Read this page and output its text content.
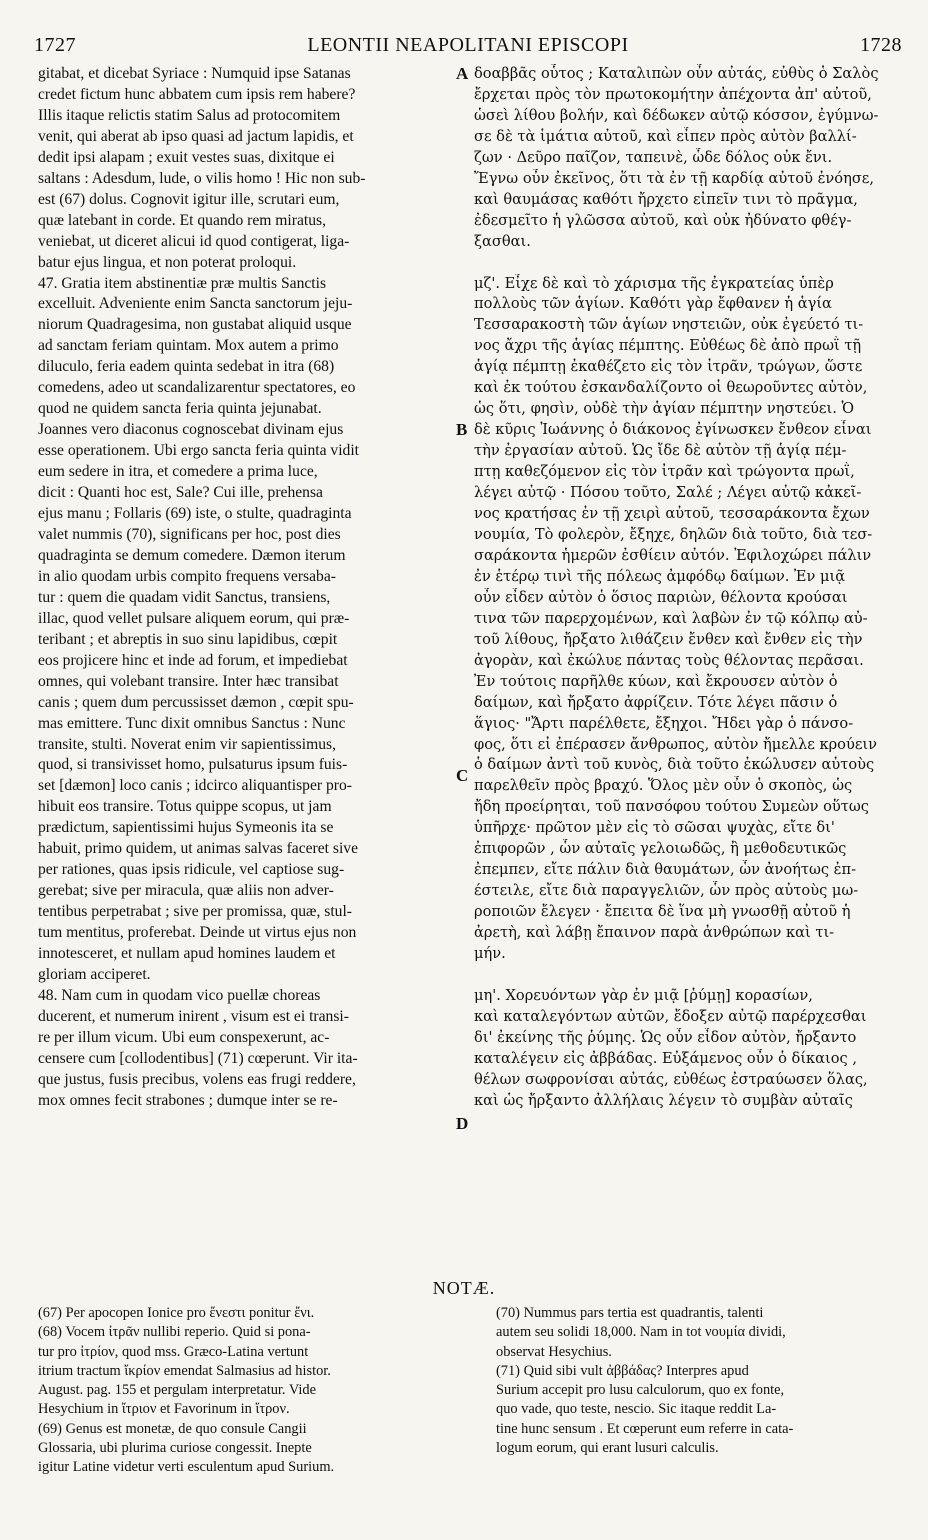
1727	LEONTII NEAPOLITANI EPISCOPI	1728
gitabat, et dicebat Syriace : Numquid ipse Satanas
credet fictum hunc abbatem cum ipsis rem habere?
Illis itaque relictis statim Salus ad protocomitem
venit, qui aberat ab ipso quasi ad jactum lapidis, et
dedit ipsi alapam ; exuit vestes suas, dixitque ei
saltans : Adesdum, lude, o vilis homo ! Hic non sub-
est (67) dolus. Cognovit igitur ille, scrutari eum,
quæ latebant in corde. Et quando rem miratus,
veniebat, ut diceret alicui id quod contigerat, liga-
batur ejus lingua, et non poterat proloqui.
47. Gratia item abstinentiæ præ multis Sanctis
excelluit. Adveniente enim Sancta sanctorum jeju-
niorum Quadragesima, non gustabat aliquid usque
ad sanctam feriam quintam. Mox autem a primo
diluculo, feria eadem quinta sedebat in itra (68)
comedens, adeo ut scandalizarentur spectatores, eo
quod ne quidem sancta feria quinta jejunabat.
Joannes vero diaconus cognoscebat divinam ejus
esse operationem. Ubi ergo sancta feria quinta vidit
eum sedere in itra, et comedere a prima luce,
dicit : Quanti hoc est, Sale? Cui ille, prehensa
ejus manu ; Follaris (69) iste, o stulte, quadraginta
valet nummis (70), significans per hoc, post dies
quadraginta se demum comedere. Dæmon iterum
in alio quodam urbis compito frequens versaba-
tur : quem die quadam vidit Sanctus, transiens,
illac, quod vellet pulsare aliquem eorum, qui præ-
teribant ; et abreptis in suo sinu lapidibus, cœpit
eos projicere hinc et inde ad forum, et impediebat
omnes, qui volebant transire. Inter hæc transibat
canis ; quem dum percussisset dæmon , cœpit spu-
mas emittere. Tunc dixit omnibus Sanctus : Nunc
transite, stulti. Noverat enim vir sapientissimus,
quod, si transivisset homo, pulsaturus ipsum fuis-
set [dæmon] loco canis ; idcirco aliquantisper pro-
hibuit eos transire. Totus quippe scopus, ut jam
prædictum, sapientissimi hujus Symeonis ita se
habuit, primo quidem, ut animas salvas faceret sive
per rationes, quas ipsis ridicule, vel captiose sug-
gerebat; sive per miracula, quæ aliis non adver-
tentibus perpetrabat ; sive per promissa, quæ, stul-
tum mentitus, proferebat. Deinde ut virtus ejus non
innotesceret, et nullam apud homines laudem et
gloriam acciperet.
48. Nam cum in quodam vico puellæ choreas
ducerent, et numerum inirent , visum est ei transi-
re per illum vicum. Ubi eum conspexerunt, ac-
censere cum [collodentibus] (71) cœperunt. Vir ita-
que justus, fusis precibus, volens eas frugi reddere,
mox omnes fecit strabones ; dumque inter se re-
δοαββᾶς οὗτος ; Καταλιπὼν οὖν αὐτάς, εὐθὺς ὁ Σαλὸς
ἔρχεται πρὸς τὸν πρωτοκομήτην ἀπέχοντα ἀπ' αὐτοῦ,
ὡσεὶ λίθου βολήν, καὶ δέδωκεν αὐτῷ κόσσον, ἐγύμνω-
σε δὲ τὰ ἱμάτια αὐτοῦ, καὶ εἶπεν πρὸς αὐτὸν βαλλί-
ζων · Δεῦρο παῖζον, ταπεινὲ, ὧδε δόλος οὐκ ἔνι.
Ἔγνω οὖν ἐκεῖνος, ὅτι τὰ ἐν τῇ καρδίᾳ αὐτοῦ ἐνόησε,
καὶ θαυμάσας καθότι ἤρχετο εἰπεῖν τινι τὸ πρᾶγμα,
ἐδεσμεῖτο ἡ γλῶσσα αὐτοῦ, καὶ οὐκ ἠδύνατο φθέγ-
ξασθαι.

μζ'. Εἶχε δὲ καὶ τὸ χάρισμα τῆς ἐγκρατείας ὑπὲρ
πολλοὺς τῶν ἁγίων. Καθότι γὰρ ἔφθανεν ἡ ἁγία
Τεσσαρακοστὴ τῶν ἁγίων νηστειῶν, οὐκ ἐγεύετό τι-
νος ἄχρι τῆς ἁγίας πέμπτης. Εὐθέως δὲ ἀπὸ πρωῒ τῇ
ἁγίᾳ πέμπτῃ ἐκαθέζετο εἰς τὸν ἰτρᾶν, τρώγων, ὥστε
καὶ ἐκ τούτου ἐσκανδαλίζοντο οἱ θεωροῦντες αὐτὸν,
ὡς ὅτι, φησὶν, οὐδὲ τὴν ἁγίαν πέμπτην νηστεύει. Ὁ
δὲ κῦρις Ἰωάννης ὁ διάκονος ἐγίνωσκεν ἔνθεον εἶναι
τὴν ἐργασίαν αὐτοῦ. Ὡς ἴδε δὲ αὐτὸν τῇ ἁγίᾳ πέμ-
πτῃ καθεζόμενον εἰς τὸν ἰτρᾶν καὶ τρώγοντα πρωῒ,
λέγει αὐτῷ · Πόσου τοῦτο, Σαλέ ; Λέγει αὐτῷ κἀκεῖ-
νος κρατήσας ἐν τῇ χειρὶ αὐτοῦ, τεσσαράκοντα ἔχων
νουμία, Τὸ φολερὸν, ἔξηχε, δηλῶν διὰ τοῦτο, διὰ τεσ-
σαράκοντα ἡμερῶν ἐσθίειν αὐτόν. Ἐφιλοχώρει πάλιν
ἐν ἑτέρῳ τινὶ τῆς πόλεως ἀμφόδῳ δαίμων. Ἐν μιᾷ
οὖν εἶδεν αὐτὸν ὁ ὅσιος παριὼν, θέλοντα κρούσαι
τινα τῶν παρερχομένων, καὶ λαβὼν ἐν τῷ κόλπῳ αὐ-
τοῦ λίθους, ἤρξατο λιθάζειν ἔνθεν καὶ ἔνθεν εἰς τὴν
ἀγορὰν, καὶ ἐκώλυε πάντας τοὺς θέλοντας περᾶσαι.
Ἐν τούτοις παρῆλθε κύων, καὶ ἔκρουσεν αὐτὸν ὁ
δαίμων, καὶ ἤρξατο ἀφρίζειν. Τότε λέγει πᾶσιν ὁ
ἅγιος· "Ἄρτι παρέλθετε, ἔξηχοι. Ἤδει γὰρ ὁ πάνσο-
φος, ὅτι εἰ ἐπέρασεν ἄνθρωπος, αὐτὸν ἤμελλε κρούειν
ὁ δαίμων ἀντὶ τοῦ κυνὸς, διὰ τοῦτο ἐκώλυσεν αὐτοὺς
παρελθεῖν πρὸς βραχύ. Ὅλος μὲν οὖν ὁ σκοπὸς, ὡς
ἤδη προείρηται, τοῦ πανσόφου τούτου Συμεὼν οὕτως
ὑπῆρχε· πρῶτον μὲν εἰς τὸ σῶσαι ψυχὰς, εἴτε δι'
ἐπιφορῶν , ὧν αὐταῖς γελοιωδῶς, ἢ μεθοδευτικῶς
ἐπεμπεν, εἴτε πάλιν διὰ θαυμάτων, ὧν ἀνοήτως ἐπ-
έστειλε, εἴτε διὰ παραγγελιῶν, ὧν πρὸς αὐτοὺς μω-
ροποιῶν ἔλεγεν · ἔπειτα δὲ ἵνα μὴ γνωσθῇ αὐτοῦ ἡ
ἀρετὴ, καὶ λάβῃ ἔπαινον παρὰ ἀνθρώπων καὶ τι-
μήν.

μη'. Χορευόντων γὰρ ἐν μιᾷ [ῥύμῃ] κορασίων,
καὶ καταλεγόντων αὐτῶν, ἔδοξεν αὐτῷ παρέρχεσθαι
δι' ἐκείνης τῆς ῥύμης. Ὡς οὖν εἶδον αὐτὸν, ἤρξαντο
καταλέγειν εἰς ἀββάδας. Εὐξάμενος οὖν ὁ δίκαιος ,
θέλων σωφρονίσαι αὐτάς, εὐθέως ἐστραύωσεν ὅλας,
καὶ ὡς ἤρξαντο ἀλλήλαις λέγειν τὸ συμβὰν αὐταῖς
A
B
C
D
NOTÆ.
(67) Per apocopen Ionice pro ἔνεστι ponitur ἔνι.
(68) Vocem ἰτρᾶν nullibi reperio. Quid si pona-
tur pro ἰτρίον, quod mss. Græco-Latina vertunt
itrium tractum ἴκρίον emendat Salmasius ad histor.
August. pag. 155 et pergulam interpretatur. Vide
Hesychium in ἴτριον et Favorinum in ἴτρον.
(69) Genus est monetæ, de quo consule Cangii
Glossaria, ubi plurima curiose congessit. Inepte
igitur Latine videtur verti esculentum apud Surium.
(70) Nummus pars tertia est quadrantis, talenti
autem seu solidi 18,000. Nam in tot νουμία dividi,
observat Hesychius.
(71) Quid sibi vult ἀββάδας? Interpres apud
Surium accepit pro lusu calculorum, quo ex fonte,
quo vade, quo teste, nescio. Sic itaque reddit La-
tine hunc sensum . Et cœperunt eum referre in cata-
logum eorum, qui erant lusuri calculis.
